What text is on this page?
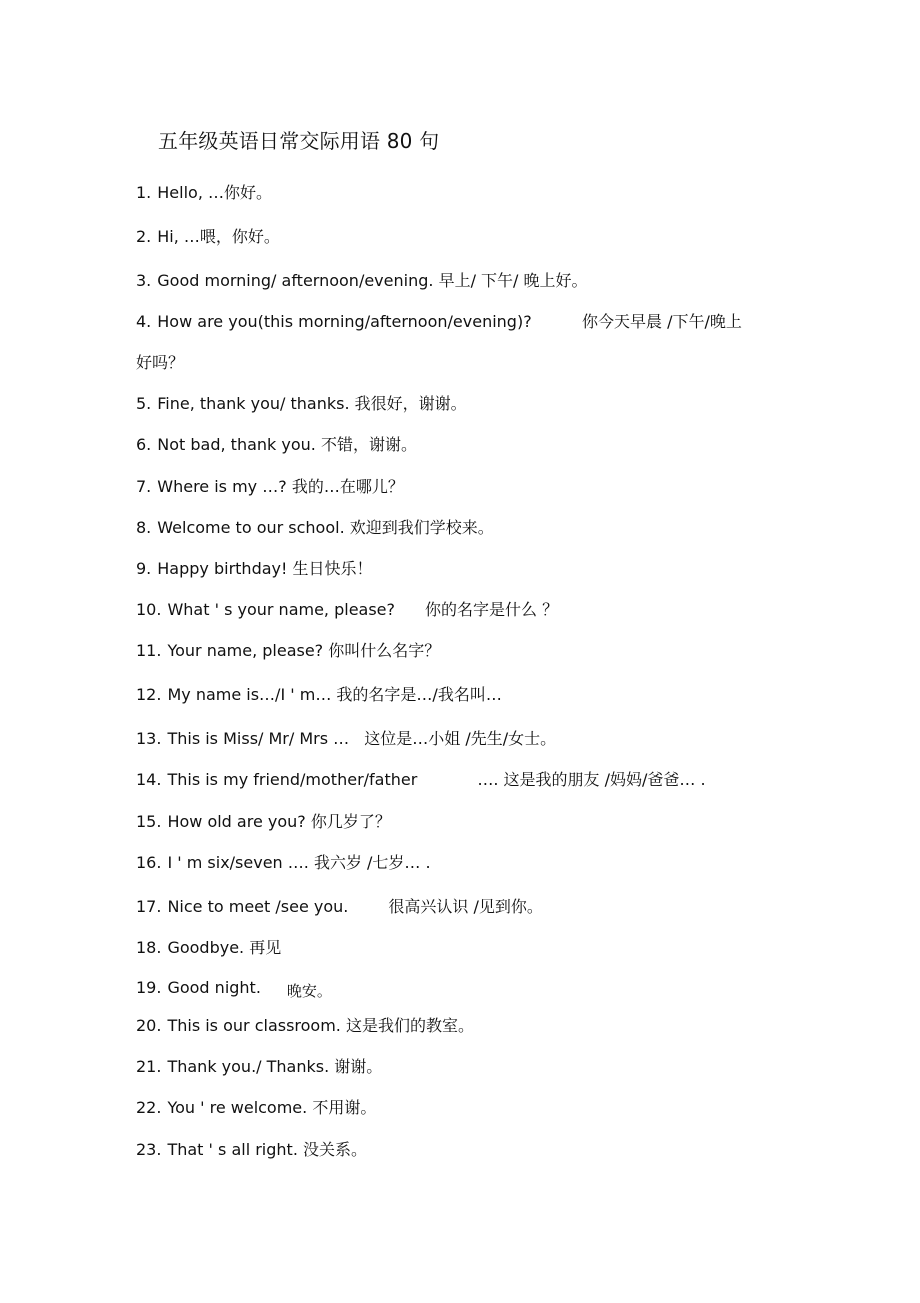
五年级英语日常交际用语 80 句
1. Hello, …你好。
2. Hi, …喂，你好。
3. Good morning/ afternoon/evening. 早上/ 下午/ 晚上好。
4. How are you(this morning/afternoon/evening)?	你今天早晨 /下午/晚上
好吗？
5. Fine, thank you/ thanks. 我很好，谢谢。
6. Not bad, thank you. 不错，谢谢。
7. Where is my …? 我的…在哪儿？
8. Welcome to our school. 欢迎到我们学校来。
9. Happy birthday! 生日快乐！
10. What ' s your name, please? 你的名字是什么 ？
11. Your name, please? 你叫什么名字？
12. My name is…/I ' m… 我的名字是…/我名叫…
13. This is Miss/ Mr/ Mrs … 这位是…小姐 /先生/女士。
14. This is my friend/mother/father	…. 这是我的朋友 /妈妈/爸爸… .
15. How old are you? 你几岁了？
16. I ' m six/seven …. 我六岁 /七岁… .
17. Nice to meet /see you.	很高兴认识 /见到你。
18. Goodbye. 再见
19. Good night. 晚安。
20. This is our classroom. 这是我们的教室。
21. Thank you./ Thanks. 谢谢。
22. You ' re welcome. 不用谢。
23. That ' s all right. 没关系。
